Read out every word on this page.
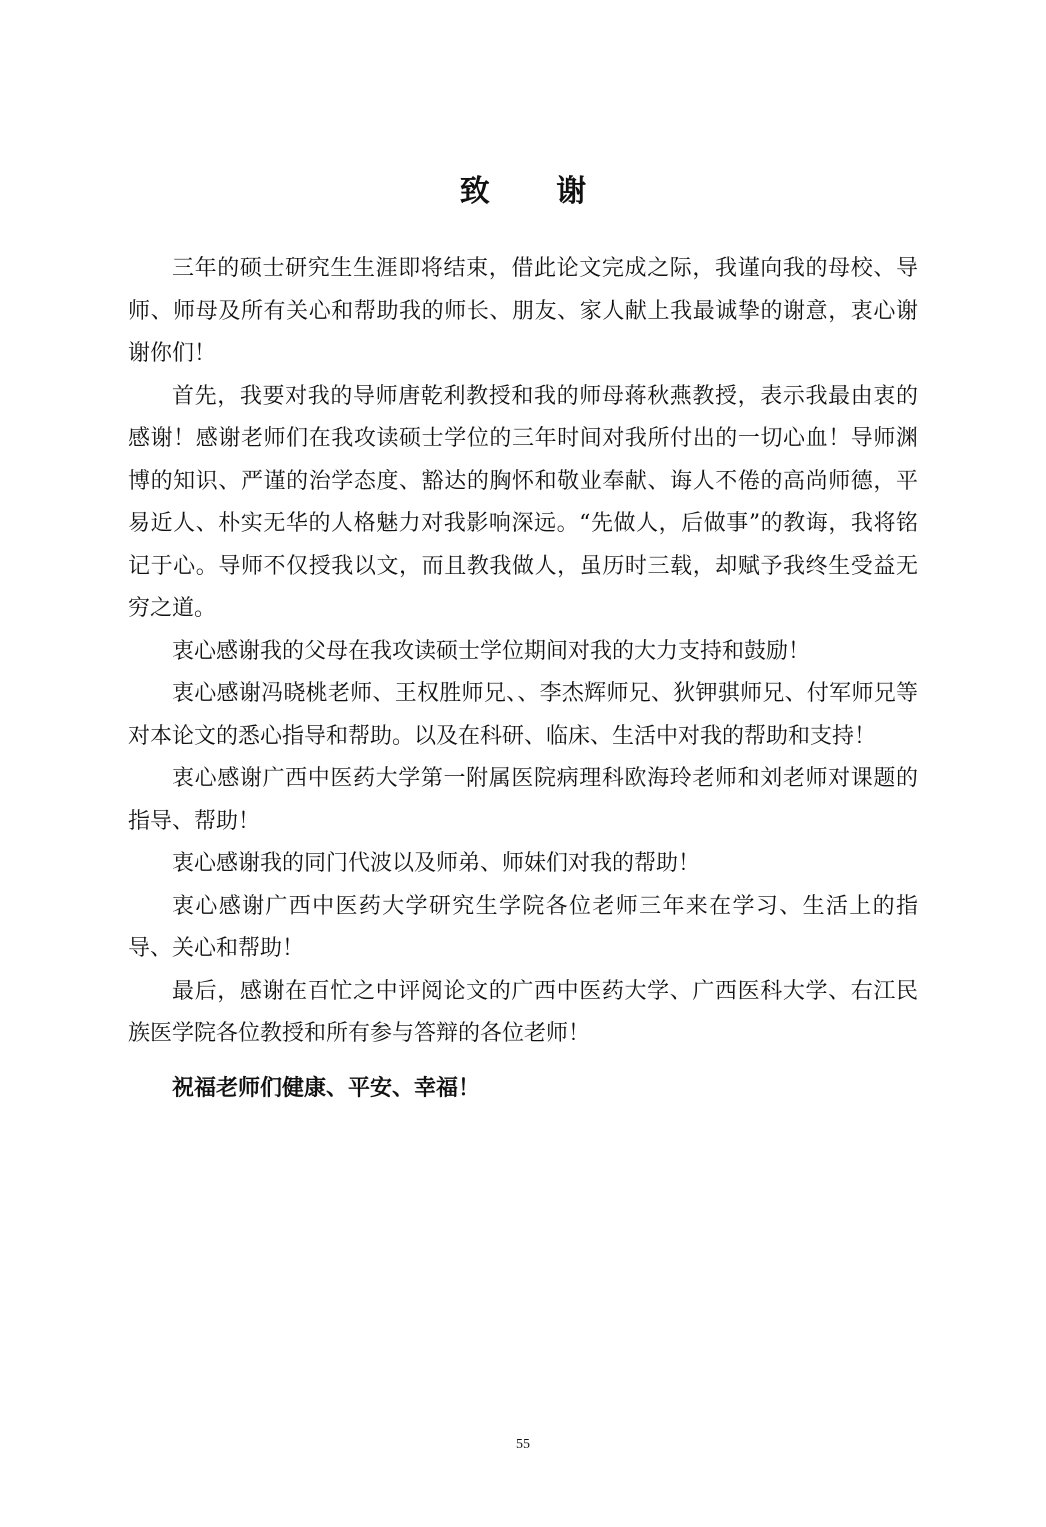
致 谢

三年的硕士研究生生涯即将结束，借此论文完成之际，我谨向我的母校、导师、师母及所有关心和帮助我的师长、朋友、家人献上我最诚挚的谢意，衷心谢谢你们！

首先，我要对我的导师唐乾利教授和我的师母蒋秋燕教授，表示我最由衷的感谢！感谢老师们在我攻读硕士学位的三年时间对我所付出的一切心血！导师渊博的知识、严谨的治学态度、豁达的胸怀和敬业奉献、诲人不倦的高尚师德，平易近人、朴实无华的人格魅力对我影响深远。“先做人，后做事”的教诲，我将铭记于心。导师不仅授我以文，而且教我做人，虽历时三载，却赋予我终生受益无穷之道。

衷心感谢我的父母在我攻读硕士学位期间对我的大力支持和鼓励！

衷心感谢冯晓桃老师、王权胜师兄、、李杰辉师兄、狄钾骐师兄、付军师兄等对本论文的悉心指导和帮助。以及在科研、临床、生活中对我的帮助和支持！

衷心感谢广西中医药大学第一附属医院病理科欧海玲老师和刘老师对课题的指导、帮助！

衷心感谢我的同门代波以及师弟、师妹们对我的帮助！

衷心感谢广西中医药大学研究生学院各位老师三年来在学习、生活上的指导、关心和帮助！

最后，感谢在百忙之中评阅论文的广西中医药大学、广西医科大学、右江民族医学院各位教授和所有参与答辩的各位老师！

祝福老师们健康、平安、幸福！

55
